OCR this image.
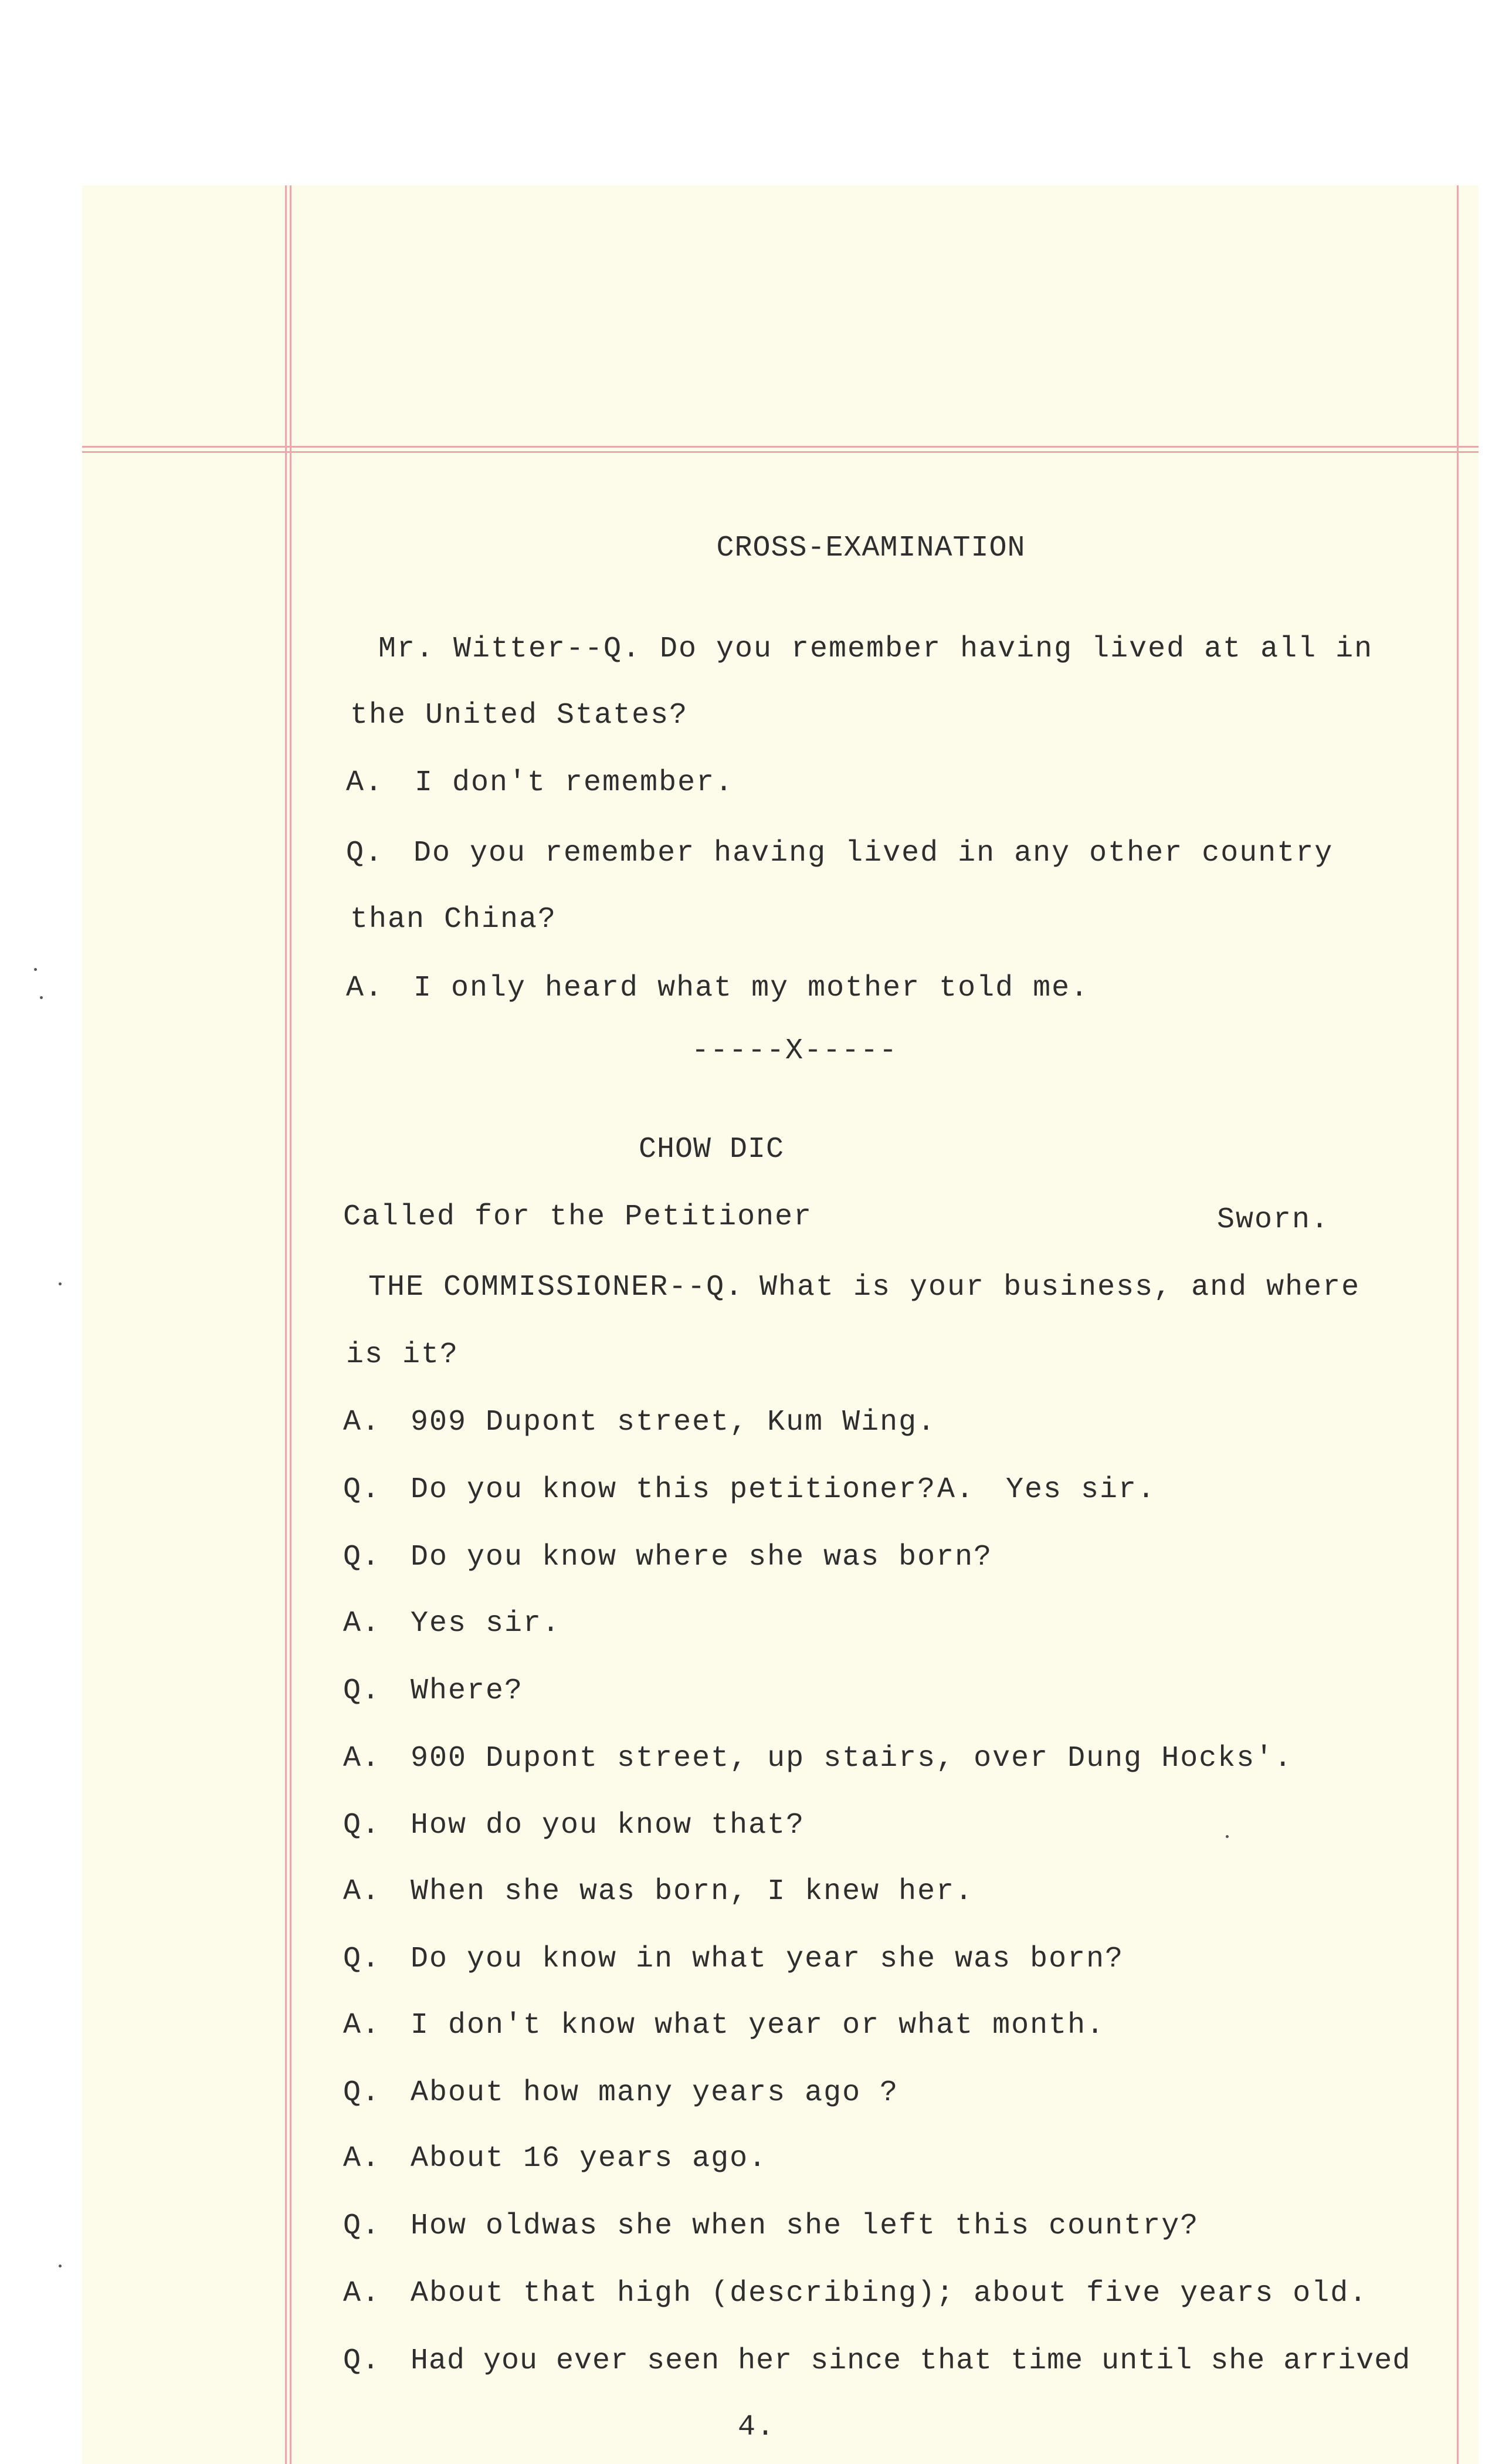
CROSS-EXAMINATION
Mr. Witter--Q. Do you remember having lived at all in
the United States?
A. I don't remember.
Q. Do you remember having lived in any other country
than China?
A. I only heard what my mother told me.
-----X-----
CHOW DIC
Called for the Petitioner	Sworn.
THE COMMISSIONER--Q. What is your business, and where
is it?
A. 909 Dupont street, Kum Wing.
Q. Do you know this petitioner? A. Yes sir.
Q. Do you know where she was born?
A. Yes sir.
Q. Where?
A. 900 Dupont street, up stairs, over Dung Hocks'.
Q. How do you know that?
A. When she was born, I knew her.
Q. Do you know in what year she was born?
A. I don't know what year or what month.
Q. About how many years ago ?
A. About 16 years ago.
Q. How oldwas she when she left this country?
A. About that high (describing); about five years old.
Q. Had you ever seen her since that time until she arrived
4.
